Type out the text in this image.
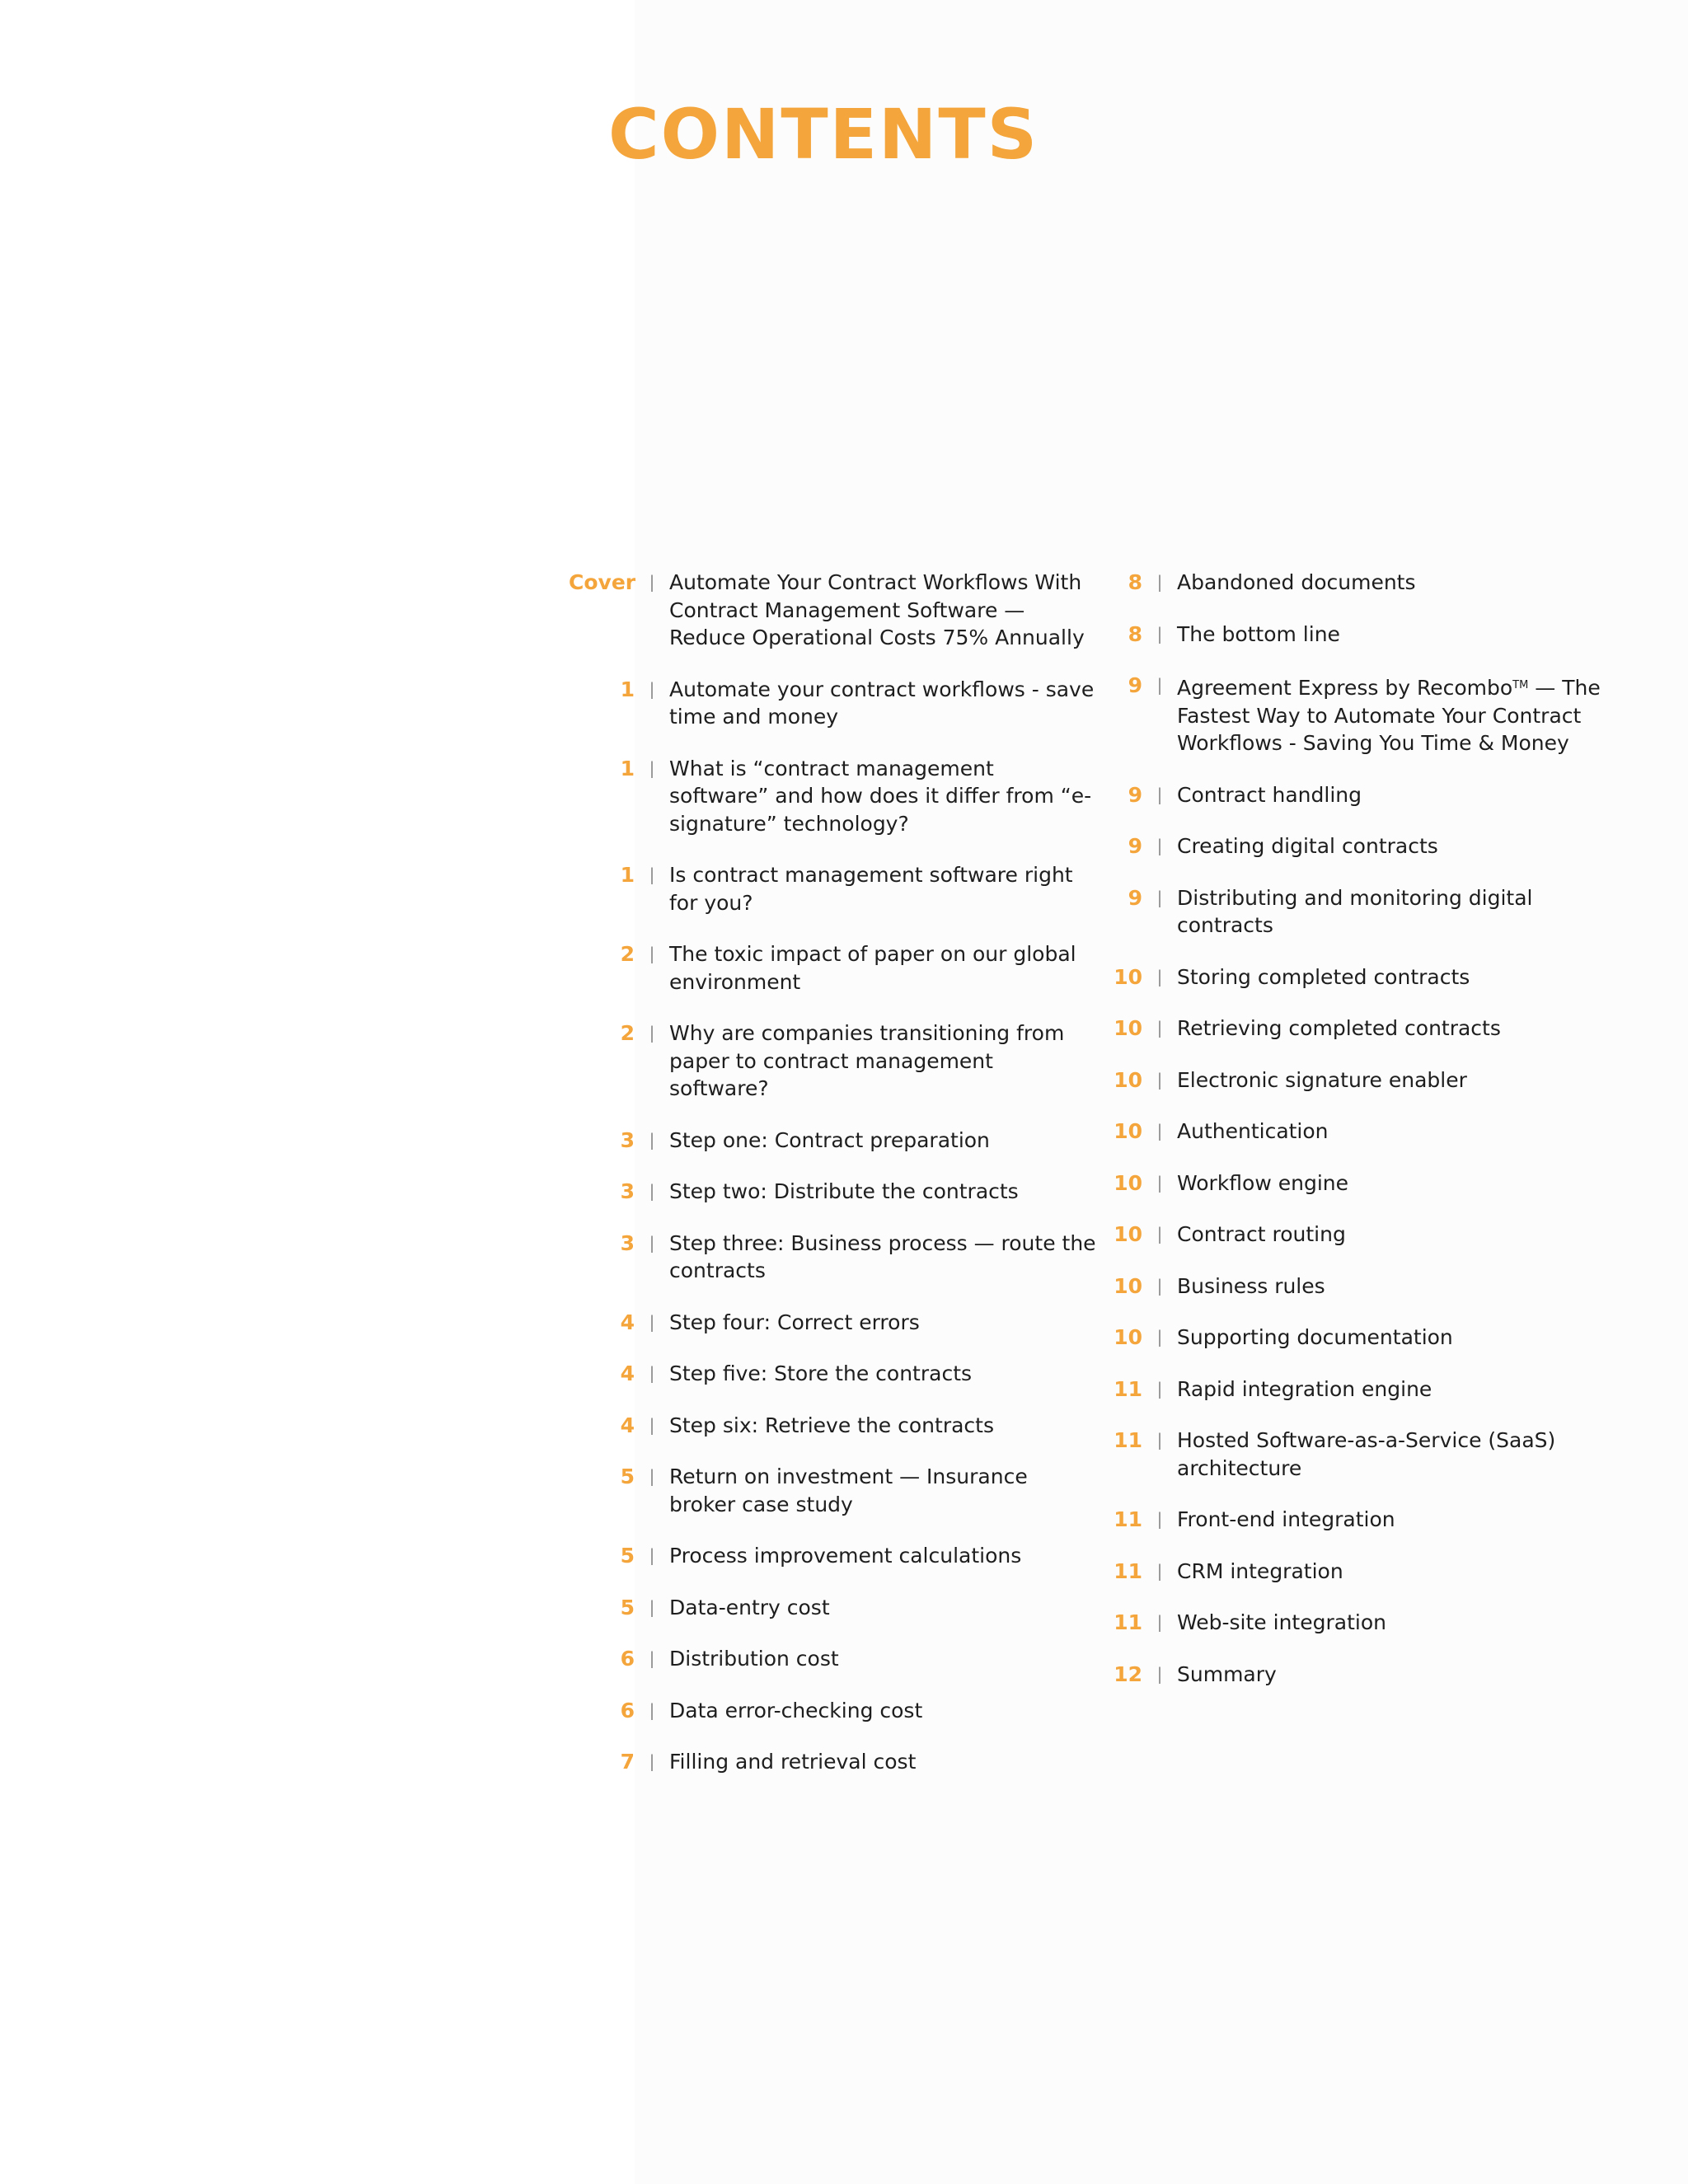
CONTENTS
Cover | Automate Your Contract Workflows With Contract Management Software — Reduce Operational Costs 75% Annually
1 | Automate your contract workflows - save time and money
1 | What is “contract management software” and how does it differ from “e-signature” technology?
1 | Is contract management software right for you?
2 | The toxic impact of paper on our global environment
2 | Why are companies transitioning from paper to contract management software?
3 | Step one: Contract preparation
3 | Step two: Distribute the contracts
3 | Step three: Business process — route the contracts
4 | Step four: Correct errors
4 | Step five: Store the contracts
4 | Step six: Retrieve the contracts
5 | Return on investment — Insurance broker case study
5 | Process improvement calculations
5 | Data-entry cost
6 | Distribution cost
6 | Data error-checking cost
7 | Filling and retrieval cost
8 | Abandoned documents
8 | The bottom line
9 | Agreement Express by Recombo™ — The Fastest Way to Automate Your Contract Workflows - Saving You Time & Money
9 | Contract handling
9 | Creating digital contracts
9 | Distributing and monitoring digital contracts
10 | Storing completed contracts
10 | Retrieving completed contracts
10 | Electronic signature enabler
10 | Authentication
10 | Workflow engine
10 | Contract routing
10 | Business rules
10 | Supporting documentation
11 | Rapid integration engine
11 | Hosted Software-as-a-Service (SaaS) architecture
11 | Front-end integration
11 | CRM integration
11 | Web-site integration
12 | Summary
